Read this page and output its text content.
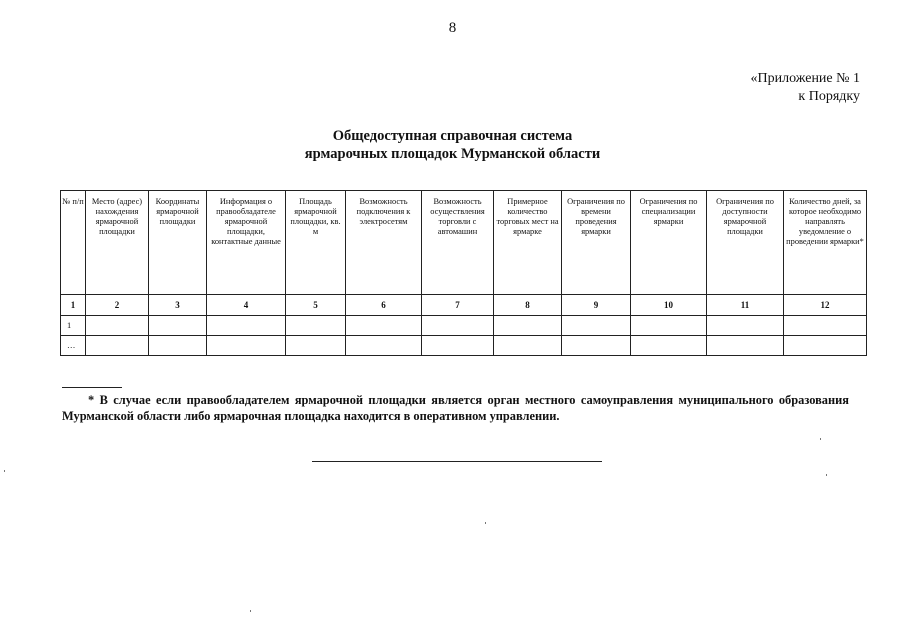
8
«Приложение № 1
к Порядку
Общедоступная справочная система
ярмарочных площадок Мурманской области
№ п/п	Место (адрес) нахождения ярмарочной площадки	Координаты ярмарочной площадки	Информация о правообладателе ярмарочной площадки, контактные данные	Площадь ярмарочной площадки, кв. м	Возможность подключения к электросетям	Возможность осуществления торговли с автомашин	Примерное количество торговых мест на ярмарке	Ограничения по времени проведения ярмарки	Ограничения по специализации ярмарки	Ограничения по доступности ярмарочной площадки	Количество дней, за которое необходимо направлять уведомление о проведении ярмарки*
1	2	3	4	5	6	7	8	9	10	11	12
1											
…											
* В случае если правообладателем ярмарочной площадки является орган местного самоуправления муниципального образования Мурманской области либо ярмарочная площадка находится в оперативном управлении.
